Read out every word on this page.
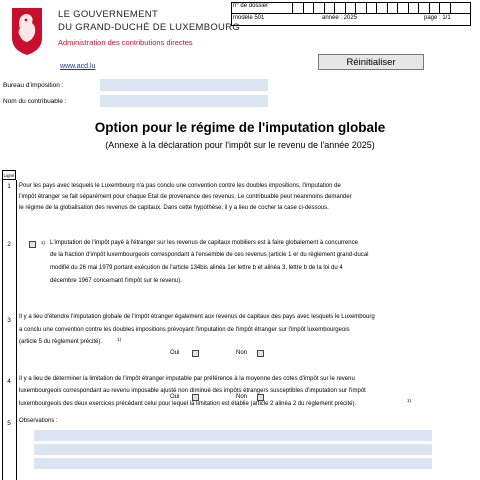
LE GOUVERNEMENT
DU GRAND-DUCHÉ DE LUXEMBOURG
Administration des contributions directes
n° de dossier
modèle 501	année : 2025	page : 1/1
www.acd.lu	Réinitialiser
Bureau d'imposition :
Nom du contribuable :
Option pour le régime de l'imputation globale
(Annexe à la déclaration pour l'impôt sur le revenu de l'année 2025)
Ligne
1	Pour les pays avec lesquels le Luxembourg n'a pas conclu une convention contre les doubles impositions, l'imputation de
l'impôt étranger se fait séparément pour chaque Etat de provenance des revenus. Le contribuable peut néanmoins demander
le régime de la globalisation des revenus de capitaux. Dans cette hypothèse, il y a lieu de cocher la case ci-dessous.
2	1) L'imputation de l'impôt payé à l'étranger sur les revenus de capitaux mobiliers est à faire globalement à concurrence
de la fraction d'impôt luxembourgeois correspondant à l'ensemble de ces revenus (article 1 er du règlement grand-ducal
modifié du 26 mai 1979 portant exécution de l'article 134bis alinéa 1er lettre b et alinéa 3, lettre b de la loi du 4
décembre 1967 concernant l'impôt sur le revenu).
3	Il y a lieu d'étendre l'imputation globale de l'impôt étranger également aux revenus de capitaux des pays avec lesquels le Luxembourg
a conclu une convention contre les doubles impositions prévoyant l'imputation de l'impôt étranger sur l'impôt luxembourgeois
(article 5 du règlement précité).	1)
Oui	Non
4	Il y a lieu de déterminer la limitation de l'impôt étranger imputable par préférence à la moyenne des cotes d'impôt sur le revenu
luxembourgeois correspondant au revenu imposable ajusté non diminué des impôts étrangers susceptibles d'imputation sur l'impôt
luxembourgeois des deux exercices précédant celui pour lequel la limitation est établie (article 2 alinéa 2 du règlement précité).
1)
Oui	Non
5	Observations :
